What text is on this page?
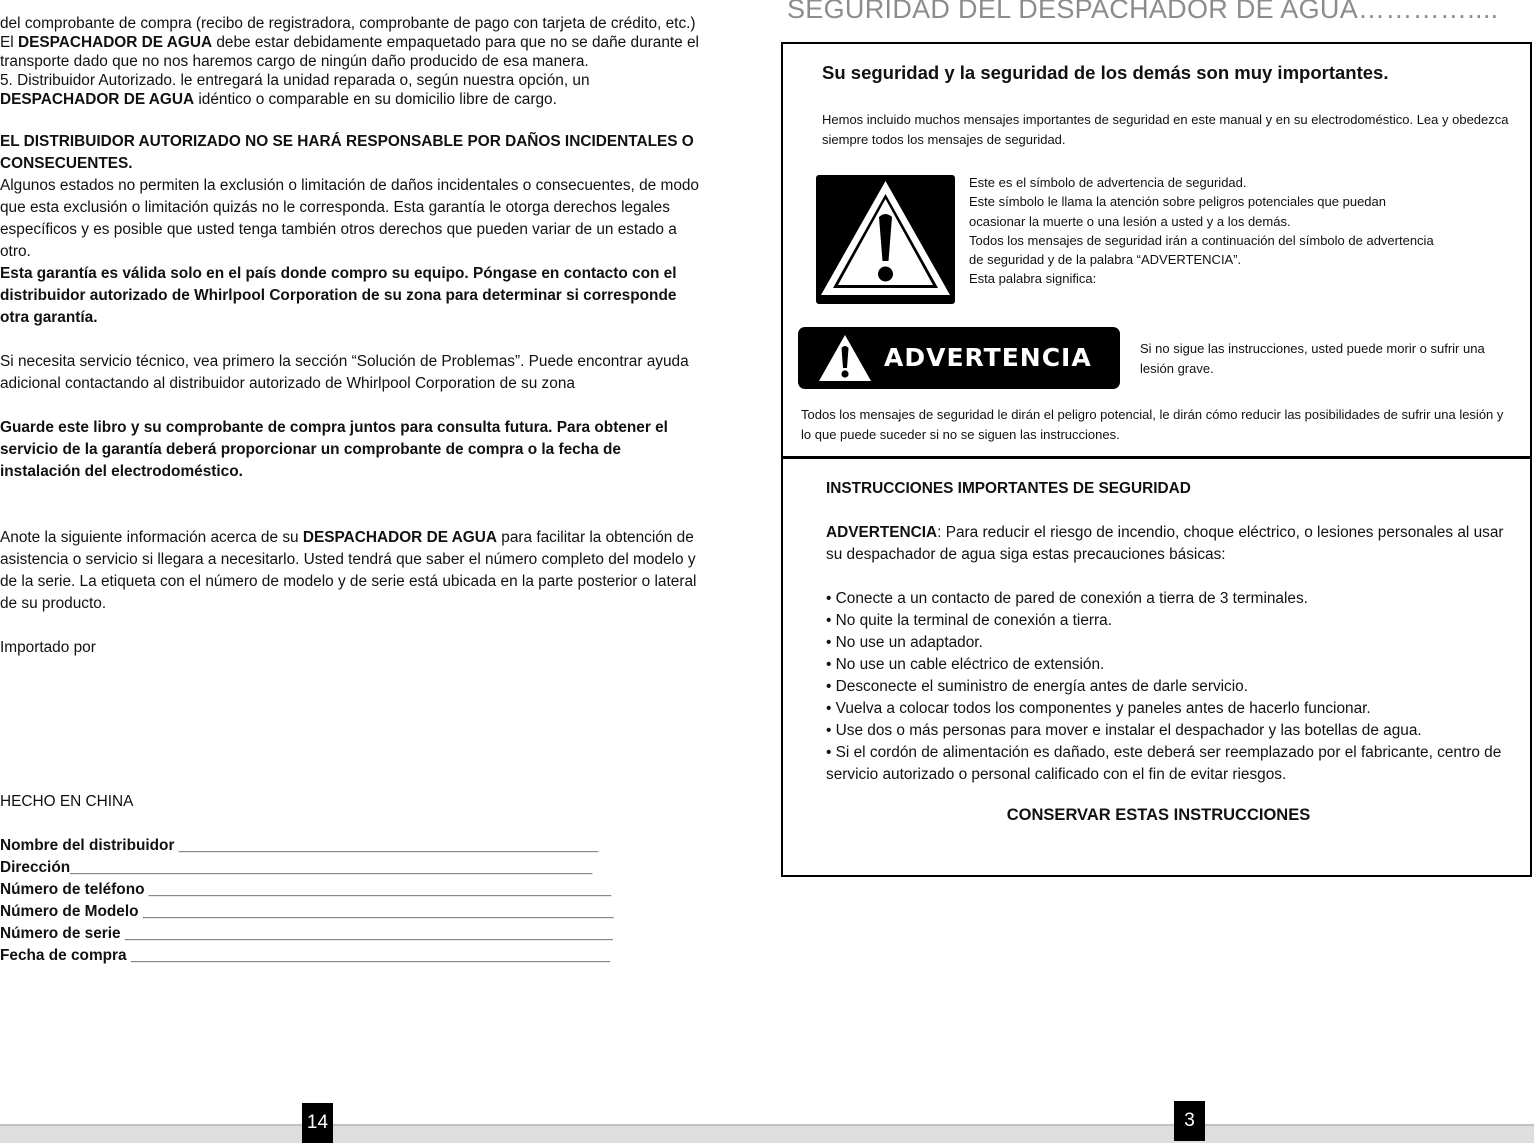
del comprobante de compra (recibo de registradora, comprobante de pago con tarjeta de crédito, etc.) El DESPACHADOR DE AGUA debe estar debidamente empaquetado para que no se dañe durante el transporte dado que no nos haremos cargo de ningún daño producido de esa manera.

5. Distribuidor Autorizado. le entregará la unidad reparada o, según nuestra opción, un DESPACHADOR DE AGUA idéntico o comparable en su domicilio libre de cargo.

EL DISTRIBUIDOR AUTORIZADO NO SE HARÁ RESPONSABLE POR DAÑOS INCIDENTALES O CONSECUENTES.

Algunos estados no permiten la exclusión o limitación de daños incidentales o consecuentes, de modo que esta exclusión o limitación quizás no le corresponda. Esta garantía le otorga derechos legales específicos y es posible que usted tenga también otros derechos que pueden variar de un estado a otro.

Esta garantía es válida solo en el país donde compro su equipo. Póngase en contacto con el distribuidor autorizado de Whirlpool Corporation de su zona para determinar si corresponde otra garantía.

Si necesita servicio técnico, vea primero la sección “Solución de Problemas”. Puede encontrar ayuda adicional contactando al distribuidor autorizado de Whirlpool Corporation de su zona

Guarde este libro y su comprobante de compra juntos para consulta futura. Para obtener el servicio de la garantía deberá proporcionar un comprobante de compra o la fecha de instalación del electrodoméstico.

Anote la siguiente información acerca de su DESPACHADOR DE AGUA para facilitar la obtención de asistencia o servicio si llegara a necesitarlo. Usted tendrá que saber el número completo del modelo y de la serie. La etiqueta con el número de modelo y de serie está ubicada en la parte posterior o lateral de su producto.

Importado por

HECHO EN CHINA

Nombre del distribuidor _________________________________________________

Dirección_____________________________________________________________

Número de teléfono ______________________________________________________

Número de Modelo _______________________________________________________

Número de serie _________________________________________________________

Fecha de compra ________________________________________________________

SEGURIDAD DEL DESPACHADOR DE AGUA…………....
Su seguridad y la seguridad de los demás son muy importantes.

Hemos incluido muchos mensajes importantes de seguridad en este manual y en su electrodoméstico. Lea y obedezca siempre todos los mensajes de seguridad.

Este es el símbolo de advertencia de seguridad.

Este símbolo le llama la atención sobre peligros potenciales que puedan

ocasionar la muerte o una lesión a usted y a los demás.

Todos los mensajes de seguridad irán a continuación del símbolo de advertencia

de seguridad y de la palabra “ADVERTENCIA”.

Esta palabra significa:

ADVERTENCIA	Si no sigue las instrucciones, usted puede morir o sufrir una lesión grave.

Todos los mensajes de seguridad le dirán el peligro potencial, le dirán cómo reducir las posibilidades de sufrir una lesión y lo que puede suceder si no se siguen las instrucciones.

INSTRUCCIONES IMPORTANTES DE SEGURIDAD

ADVERTENCIA: Para reducir el riesgo de incendio, choque eléctrico, o lesiones personales al usar su despachador de agua siga estas precauciones básicas:

• Conecte a un contacto de pared de conexión a tierra de 3 terminales.

• No quite la terminal de conexión a tierra.

• No use un adaptador.

• No use un cable eléctrico de extensión.

• Desconecte el suministro de energía antes de darle servicio.

• Vuelva a colocar todos los componentes y paneles antes de hacerlo funcionar.

• Use dos o más personas para mover e instalar el despachador y las botellas de agua.

• Si el cordón de alimentación es dañado, este deberá ser reemplazado por el fabricante, centro de servicio autorizado o personal calificado con el fin de evitar riesgos.

CONSERVAR ESTAS INSTRUCCIONES
14	3
